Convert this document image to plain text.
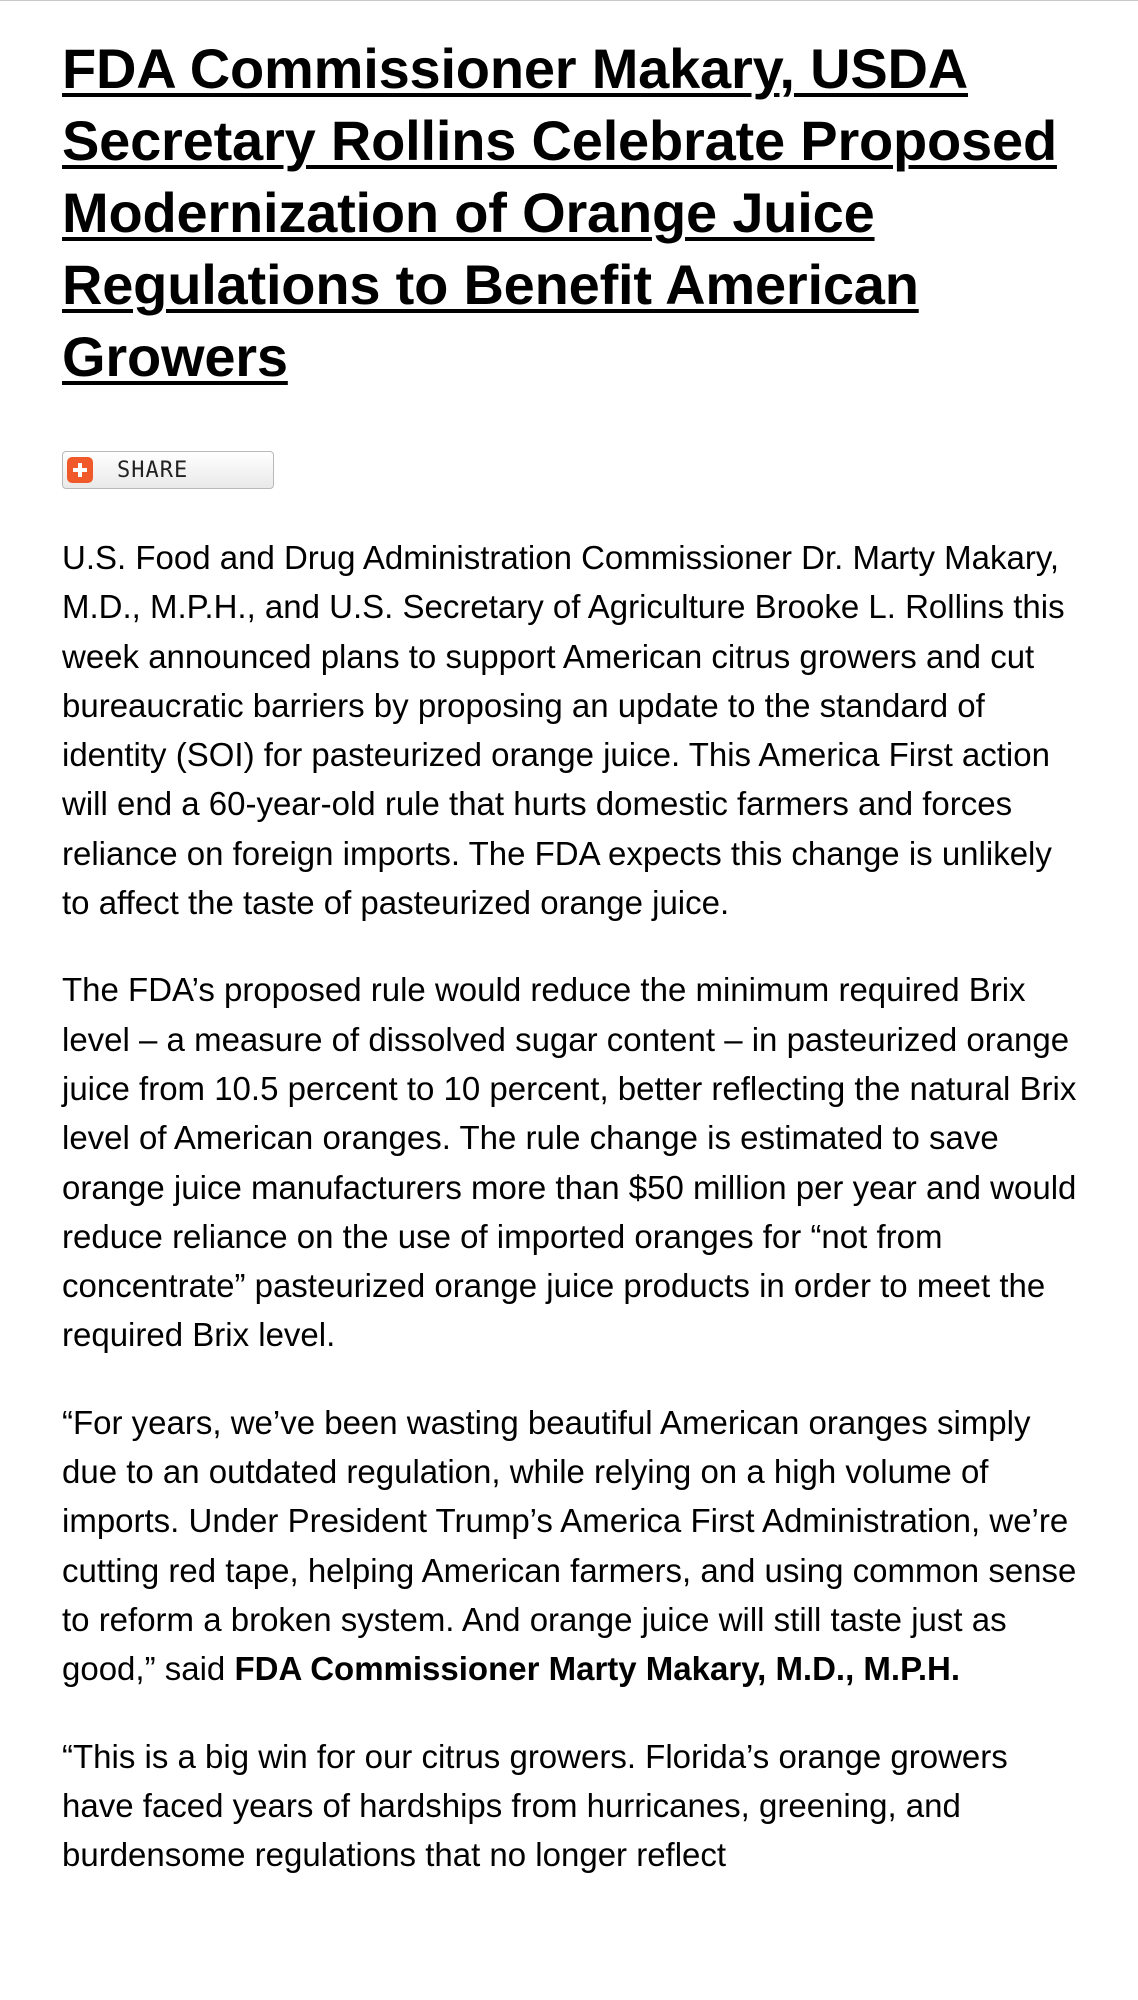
FDA Commissioner Makary, USDA Secretary Rollins Celebrate Proposed Modernization of Orange Juice Regulations to Benefit American Growers
SHARE

U.S. Food and Drug Administration Commissioner Dr. Marty Makary, M.D., M.P.H., and U.S. Secretary of Agriculture Brooke L. Rollins this week announced plans to support American citrus growers and cut bureaucratic barriers by proposing an update to the standard of identity (SOI) for pasteurized orange juice. This America First action will end a 60-year-old rule that hurts domestic farmers and forces reliance on foreign imports. The FDA expects this change is unlikely to affect the taste of pasteurized orange juice.

The FDA’s proposed rule would reduce the minimum required Brix level – a measure of dissolved sugar content – in pasteurized orange juice from 10.5 percent to 10 percent, better reflecting the natural Brix level of American oranges. The rule change is estimated to save orange juice manufacturers more than $50 million per year and would reduce reliance on the use of imported oranges for “not from concentrate” pasteurized orange juice products in order to meet the required Brix level.

“For years, we’ve been wasting beautiful American oranges simply due to an outdated regulation, while relying on a high volume of imports. Under President Trump’s America First Administration, we’re cutting red tape, helping American farmers, and using common sense to reform a broken system. And orange juice will still taste just as good,” said FDA Commissioner Marty Makary, M.D., M.P.H.

“This is a big win for our citrus growers. Florida’s orange growers have faced years of hardships from hurricanes, greening, and burdensome regulations that no longer reflect
